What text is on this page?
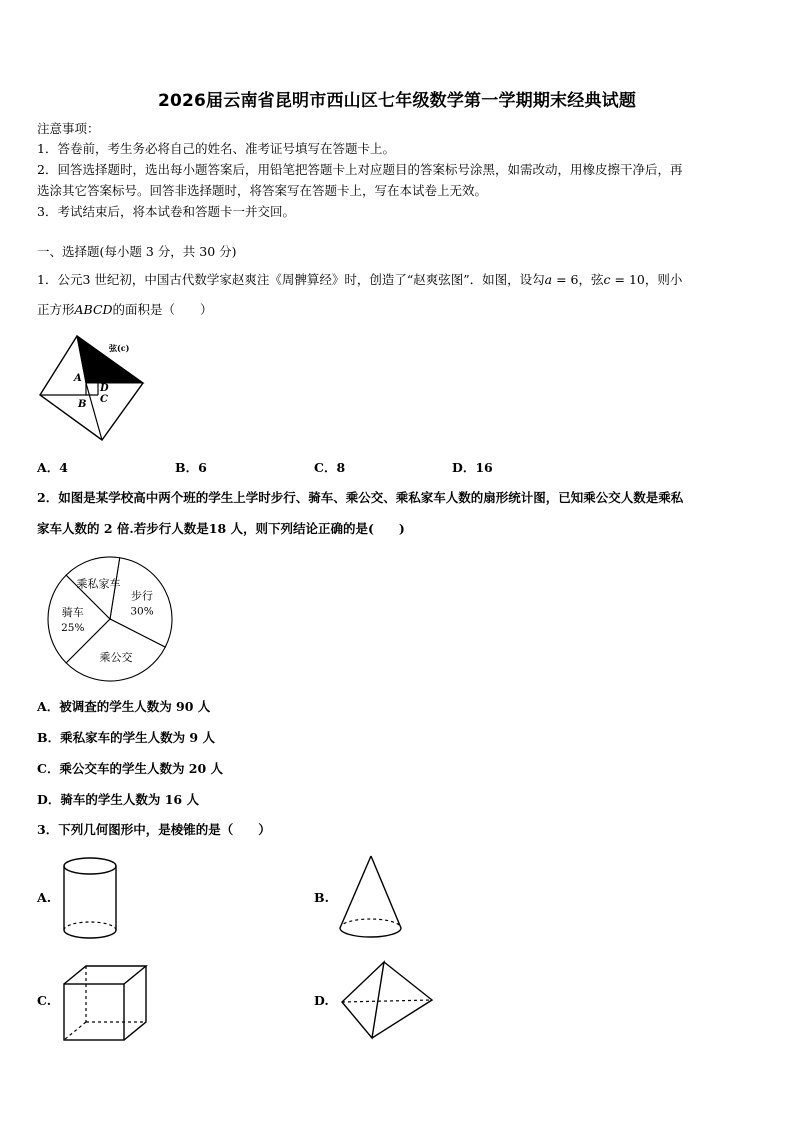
2026届云南省昆明市西山区七年级数学第一学期期末经典试题
注意事项：
1．答卷前，考生务必将自己的姓名、准考证号填写在答题卡上。
2．回答选择题时，选出每小题答案后，用铅笔把答题卡上对应题目的答案标号涂黑，如需改动，用橡皮擦干净后，再
选涂其它答案标号。回答非选择题时，将答案写在答题卡上，写在本试卷上无效。
3．考试结束后，将本试卷和答题卡一并交回。
一、选择题(每小题 3 分，共 30 分)
1．公元3 世纪初，中国古代数学家赵爽注《周髀算经》时，创造了“赵爽弦图”．如图，设勾a = 6，弦c = 10，则小
正方形ABCD的面积是（　　）
弦(c)
A
B
D
C
A．4	B．6	C．8	D．16
2．如图是某学校高中两个班的学生上学时步行、骑车、乘公交、乘私家车人数的扇形统计图，已知乘公交人数是乘私
家车人数的 2 倍.若步行人数是18 人，则下列结论正确的是(　　)
步行
30%
乘公交
骑车
25%
乘私家车
A．被调查的学生人数为 90 人
B．乘私家车的学生人数为 9 人
C．乘公交车的学生人数为 20 人
D．骑车的学生人数为 16 人
3．下列几何图形中，是棱锥的是（　　）
A.	B.
C.	D.
